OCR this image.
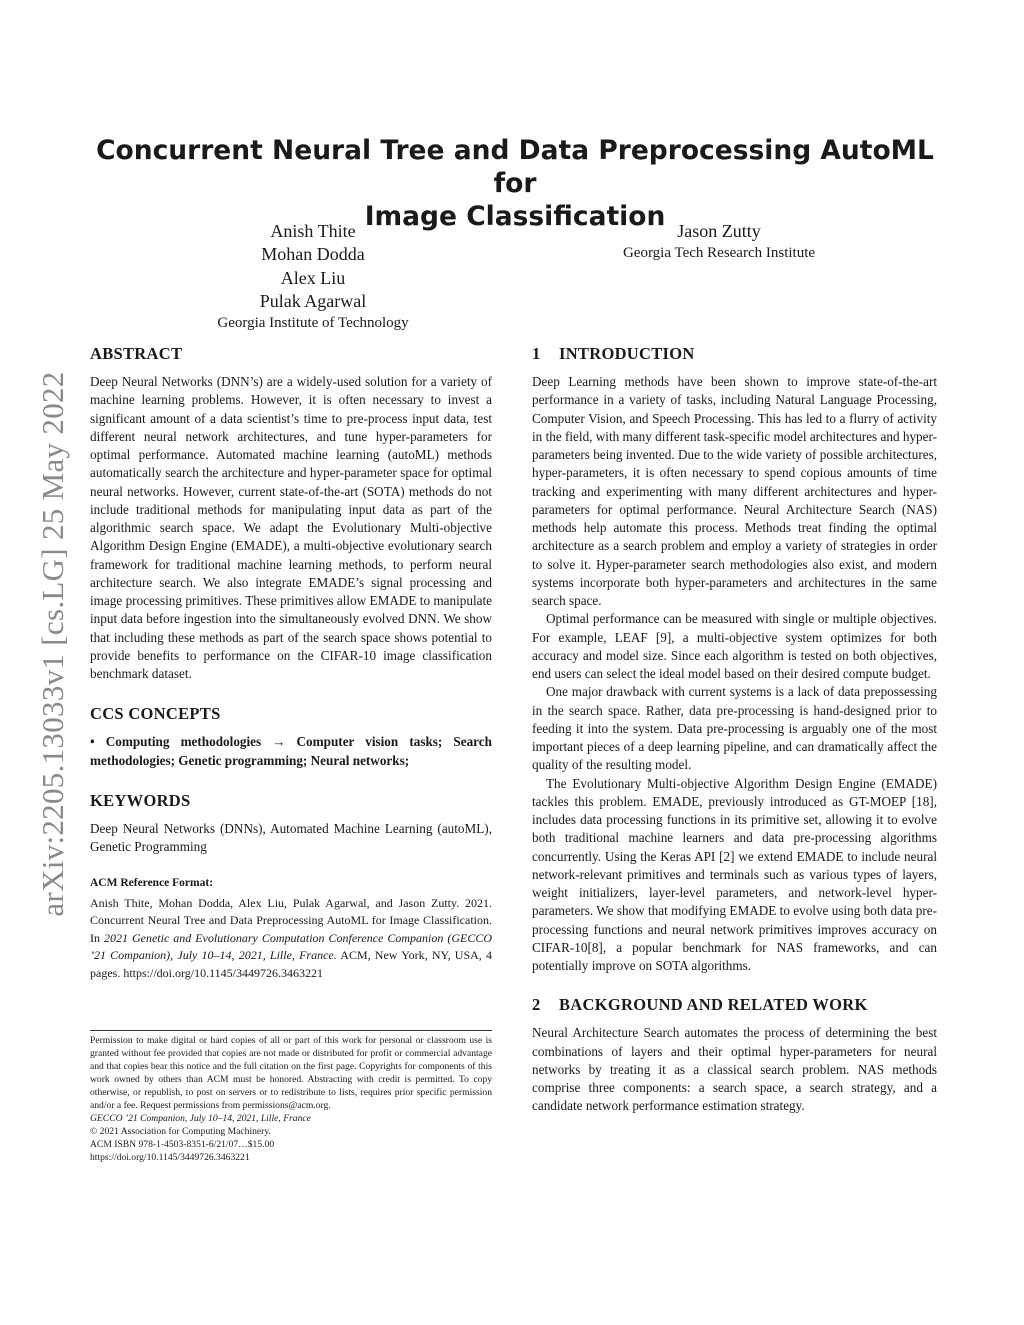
arXiv:2205.13033v1 [cs.LG] 25 May 2022
Concurrent Neural Tree and Data Preprocessing AutoML for
Image Classification
Anish Thite
Mohan Dodda
Alex Liu
Pulak Agarwal
Georgia Institute of Technology
Jason Zutty
Georgia Tech Research Institute
ABSTRACT

Deep Neural Networks (DNN’s) are a widely-used solution for a variety of machine learning problems. However, it is often necessary to invest a significant amount of a data scientist’s time to pre-process input data, test different neural network architectures, and tune hyper-parameters for optimal performance. Automated machine learning (autoML) methods automatically search the architecture and hyper-parameter space for optimal neural networks. However, current state-of-the-art (SOTA) methods do not include traditional methods for manipulating input data as part of the algorithmic search space. We adapt the Evolutionary Multi-objective Algorithm Design Engine (EMADE), a multi-objective evolutionary search framework for traditional machine learning methods, to perform neural architecture search. We also integrate EMADE’s signal processing and image processing primitives. These primitives allow EMADE to manipulate input data before ingestion into the simultaneously evolved DNN. We show that including these methods as part of the search space shows potential to provide benefits to performance on the CIFAR-10 image classification benchmark dataset.

CCS CONCEPTS

• Computing methodologies → Computer vision tasks; Search methodologies; Genetic programming; Neural networks;

KEYWORDS

Deep Neural Networks (DNNs), Automated Machine Learning (autoML), Genetic Programming

ACM Reference Format:

Anish Thite, Mohan Dodda, Alex Liu, Pulak Agarwal, and Jason Zutty. 2021. Concurrent Neural Tree and Data Preprocessing AutoML for Image Classification. In 2021 Genetic and Evolutionary Computation Conference Companion (GECCO ’21 Companion), July 10–14, 2021, Lille, France. ACM, New York, NY, USA, 4 pages. https://doi.org/10.1145/3449726.3463221

Permission to make digital or hard copies of all or part of this work for personal or classroom use is granted without fee provided that copies are not made or distributed for profit or commercial advantage and that copies bear this notice and the full citation on the first page. Copyrights for components of this work owned by others than ACM must be honored. Abstracting with credit is permitted. To copy otherwise, or republish, to post on servers or to redistribute to lists, requires prior specific permission and/or a fee. Request permissions from permissions@acm.org.

GECCO ’21 Companion, July 10–14, 2021, Lille, France
© 2021 Association for Computing Machinery.
ACM ISBN 978-1-4503-8351-6/21/07…$15.00
https://doi.org/10.1145/3449726.3463221
1 INTRODUCTION

Deep Learning methods have been shown to improve state-of-the-art performance in a variety of tasks, including Natural Language Processing, Computer Vision, and Speech Processing. This has led to a flurry of activity in the field, with many different task-specific model architectures and hyper-parameters being invented. Due to the wide variety of possible architectures, hyper-parameters, it is often necessary to spend copious amounts of time tracking and experimenting with many different architectures and hyper-parameters for optimal performance. Neural Architecture Search (NAS) methods help automate this process. Methods treat finding the optimal architecture as a search problem and employ a variety of strategies in order to solve it. Hyper-parameter search methodologies also exist, and modern systems incorporate both hyper-parameters and architectures in the same search space.

Optimal performance can be measured with single or multiple objectives. For example, LEAF [9], a multi-objective system optimizes for both accuracy and model size. Since each algorithm is tested on both objectives, end users can select the ideal model based on their desired compute budget.

One major drawback with current systems is a lack of data prepossessing in the search space. Rather, data pre-processing is hand-designed prior to feeding it into the system. Data pre-processing is arguably one of the most important pieces of a deep learning pipeline, and can dramatically affect the quality of the resulting model.

The Evolutionary Multi-objective Algorithm Design Engine (EMADE) tackles this problem. EMADE, previously introduced as GT-MOEP [18], includes data processing functions in its primitive set, allowing it to evolve both traditional machine learners and data pre-processing algorithms concurrently. Using the Keras API [2] we extend EMADE to include neural network-relevant primitives and terminals such as various types of layers, weight initializers, layer-level parameters, and network-level hyper-parameters. We show that modifying EMADE to evolve using both data pre-processing functions and neural network primitives improves accuracy on CIFAR-10[8], a popular benchmark for NAS frameworks, and can potentially improve on SOTA algorithms.

2 BACKGROUND AND RELATED WORK

Neural Architecture Search automates the process of determining the best combinations of layers and their optimal hyper-parameters for neural networks by treating it as a classical search problem. NAS methods comprise three components: a search space, a search strategy, and a candidate network performance estimation strategy.
